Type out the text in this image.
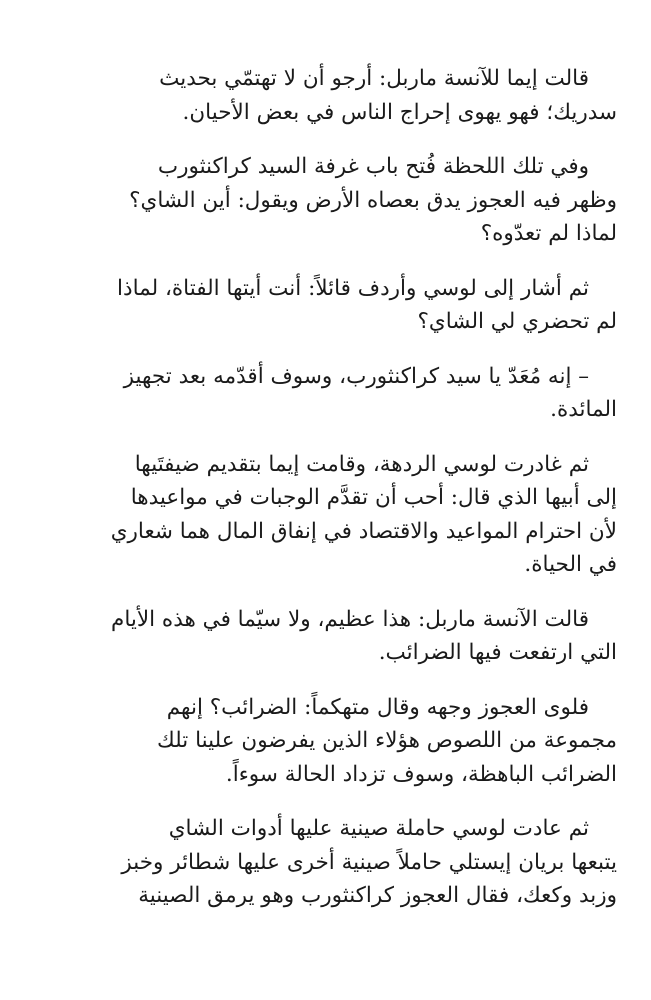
قالت إيما للآنسة ماربل: أرجو أن لا تهتمّي بحديث
سدريك؛ فهو يهوى إحراج الناس في بعض الأحيان.

وفي تلك اللحظة فُتح باب غرفة السيد كراكنثورب
وظهر فيه العجوز يدق بعصاه الأرض ويقول: أين الشاي؟
لماذا لم تعدّوه؟

ثم أشار إلى لوسي وأردف قائلاً: أنت أيتها الفتاة، لماذا
لم تحضري لي الشاي؟

– إنه مُعَدّ يا سيد كراكنثورب، وسوف أقدّمه بعد تجهيز
المائدة.

ثم غادرت لوسي الردهة، وقامت إيما بتقديم ضيفتَيها
إلى أبيها الذي قال: أحب أن تقدَّم الوجبات في مواعيدها
لأن احترام المواعيد والاقتصاد في إنفاق المال هما شعاري
في الحياة.

قالت الآنسة ماربل: هذا عظيم، ولا سيّما في هذه الأيام
التي ارتفعت فيها الضرائب.

فلوى العجوز وجهه وقال متهكماً: الضرائب؟ إنهم
مجموعة من اللصوص هؤلاء الذين يفرضون علينا تلك
الضرائب الباهظة، وسوف تزداد الحالة سوءاً.

ثم عادت لوسي حاملة صينية عليها أدوات الشاي
يتبعها بريان إيستلي حاملاً صينية أخرى عليها شطائر وخبز
وزبد وكعك، فقال العجوز كراكنثورب وهو يرمق الصينية
